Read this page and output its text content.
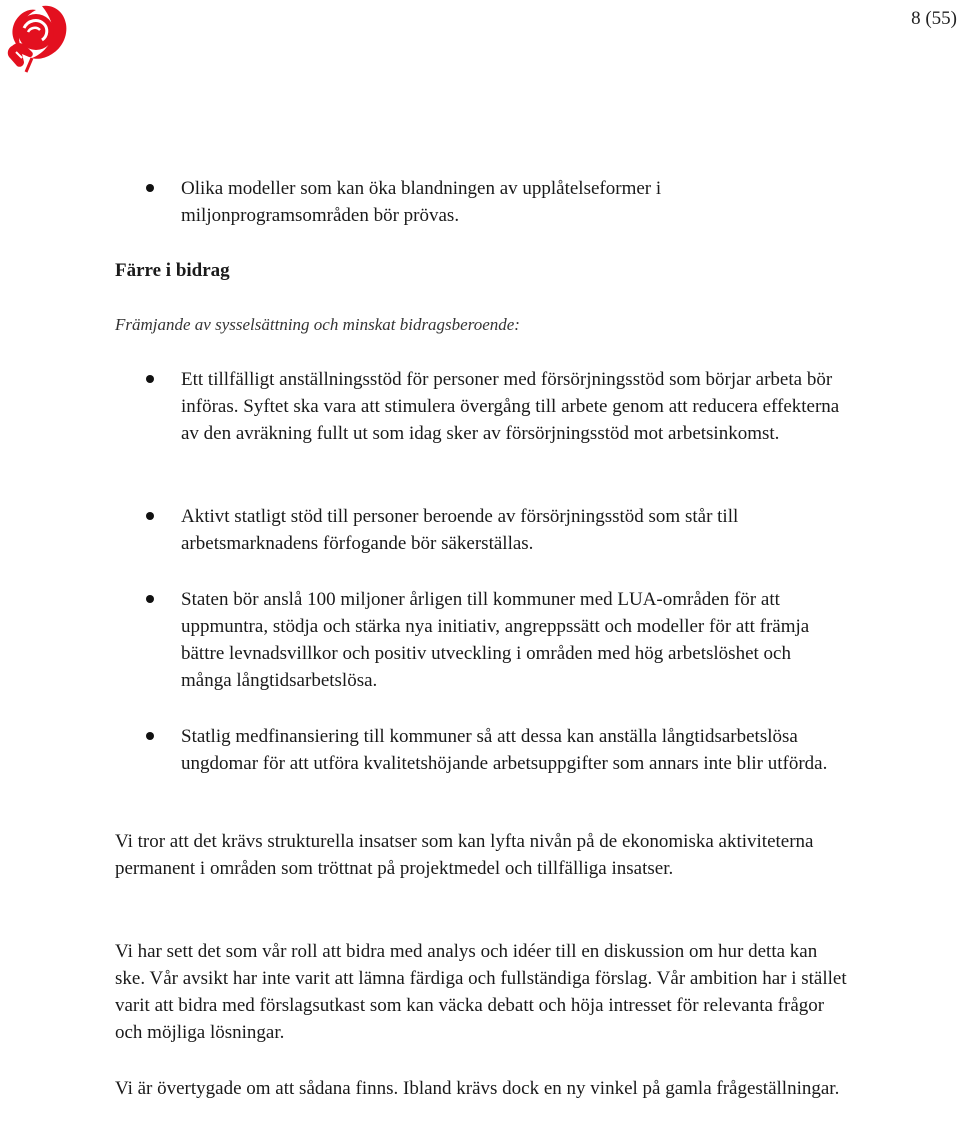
8 (55)
Olika modeller som kan öka blandningen av upplåtelseformer i miljonprogramsområden bör prövas.
Färre i bidrag
Främjande av sysselsättning och minskat bidragsberoende:
Ett tillfälligt anställningsstöd för personer med försörjningsstöd som börjar arbeta bör införas. Syftet ska vara att stimulera övergång till arbete genom att reducera effekterna av den avräkning fullt ut som idag sker av försörjningsstöd mot arbetsinkomst.
Aktivt statligt stöd till personer beroende av försörjningsstöd som står till arbetsmarknadens förfogande bör säkerställas.
Staten bör anslå 100 miljoner årligen till kommuner med LUA-områden för att uppmuntra, stödja och stärka nya initiativ, angreppssätt och modeller för att främja bättre levnadsvillkor och positiv utveckling i områden med hög arbetslöshet och många långtidsarbetslösa.
Statlig medfinansiering till kommuner så att dessa kan anställa långtidsarbetslösa ungdomar för att utföra kvalitetshöjande arbetsuppgifter som annars inte blir utförda.
Vi tror att det krävs strukturella insatser som kan lyfta nivån på de ekonomiska aktiviteterna permanent i områden som tröttnat på projektmedel och tillfälliga insatser.
Vi har sett det som vår roll att bidra med analys och idéer till en diskussion om hur detta kan ske. Vår avsikt har inte varit att lämna färdiga och fullständiga förslag. Vår ambition har i stället varit att bidra med förslagsutkast som kan väcka debatt och höja intresset för relevanta frågor och möjliga lösningar.
Vi är övertygade om att sådana finns. Ibland krävs dock en ny vinkel på gamla frågeställningar.
